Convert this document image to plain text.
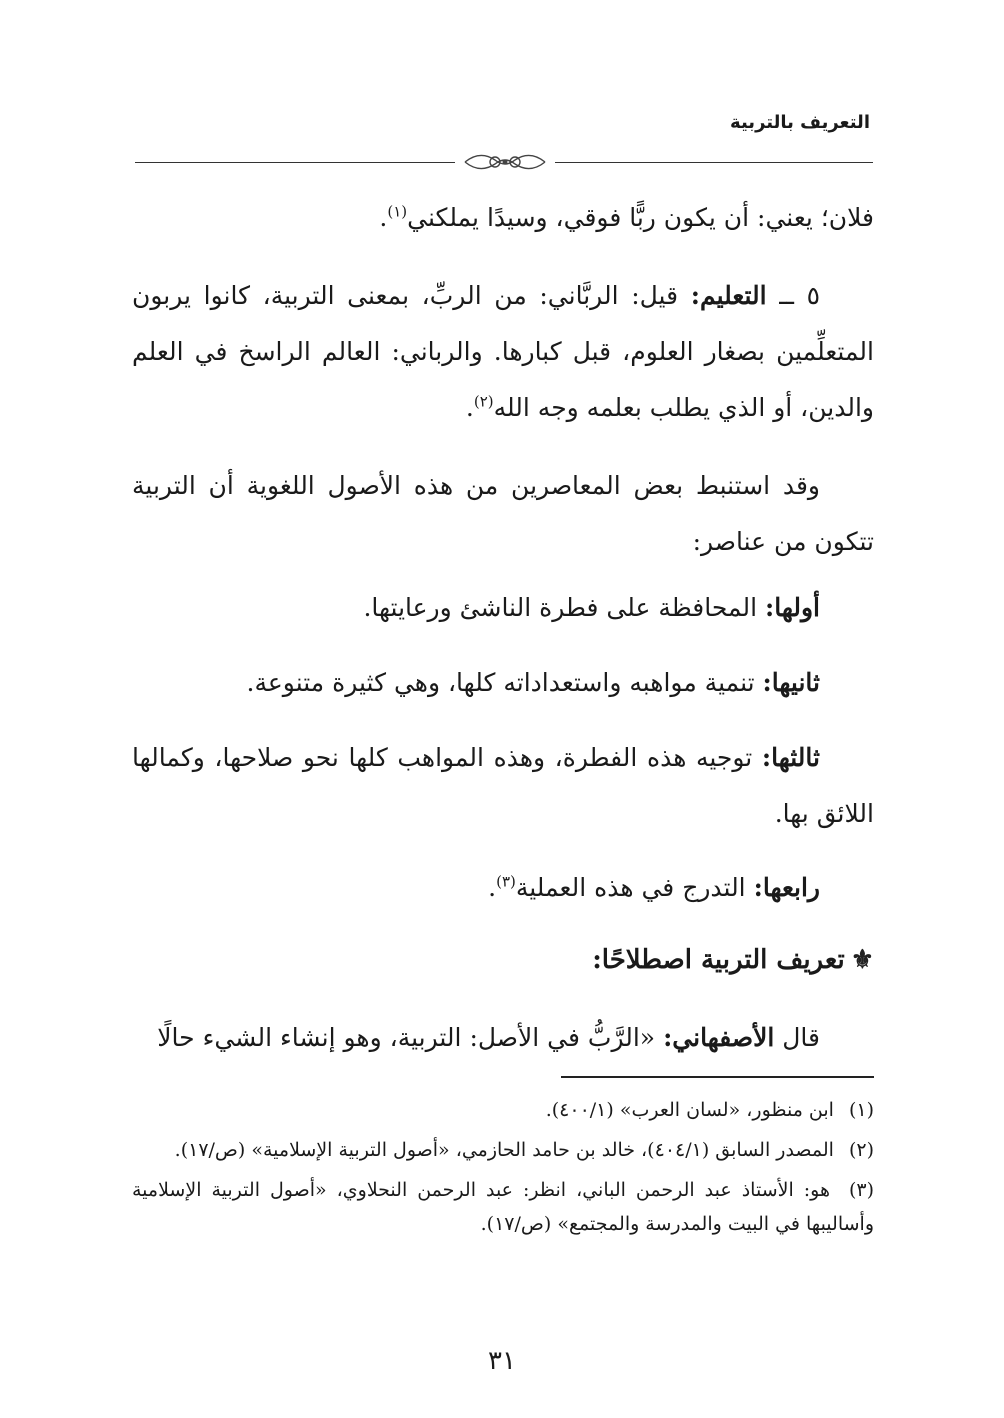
التعريف بالتربية

فلان؛ يعني: أن يكون ربًّا فوقي، وسيدًا يملكني$^{(١)}$.

٥ ــ التعليم: قيل: الربَّاني: من الربِّ، بمعنى التربية، كانوا يربون المتعلِّمين بصغار العلوم، قبل كبارها. والرباني: العالم الراسخ في العلم والدين، أو الذي يطلب بعلمه وجه الله$^{(٢)}$.

وقد استنبط بعض المعاصرين من هذه الأصول اللغوية أن التربية تتكون من عناصر:

أولها: المحافظة على فطرة الناشئ ورعايتها.

ثانيها: تنمية مواهبه واستعداداته كلها، وهي كثيرة متنوعة.

ثالثها: توجيه هذه الفطرة، وهذه المواهب كلها نحو صلاحها، وكمالها اللائق بها.

رابعها: التدرج في هذه العملية$^{(٣)}$.

⚜تعريف التربية اصطلاحًا:

قال الأصفهاني: «الرَّبُّ في الأصل: التربية، وهو إنشاء الشيء حالًا

(١) ابن منظور، «لسان العرب» (٤٠٠/١).

(٢) المصدر السابق (٤٠٤/١)، خالد بن حامد الحازمي، «أصول التربية الإسلامية» (ص/١٧).

(٣) هو: الأستاذ عبد الرحمن الباني، انظر: عبد الرحمن النحلاوي، «أصول التربية الإسلامية وأساليبها في البيت والمدرسة والمجتمع» (ص/١٧).

٣١
